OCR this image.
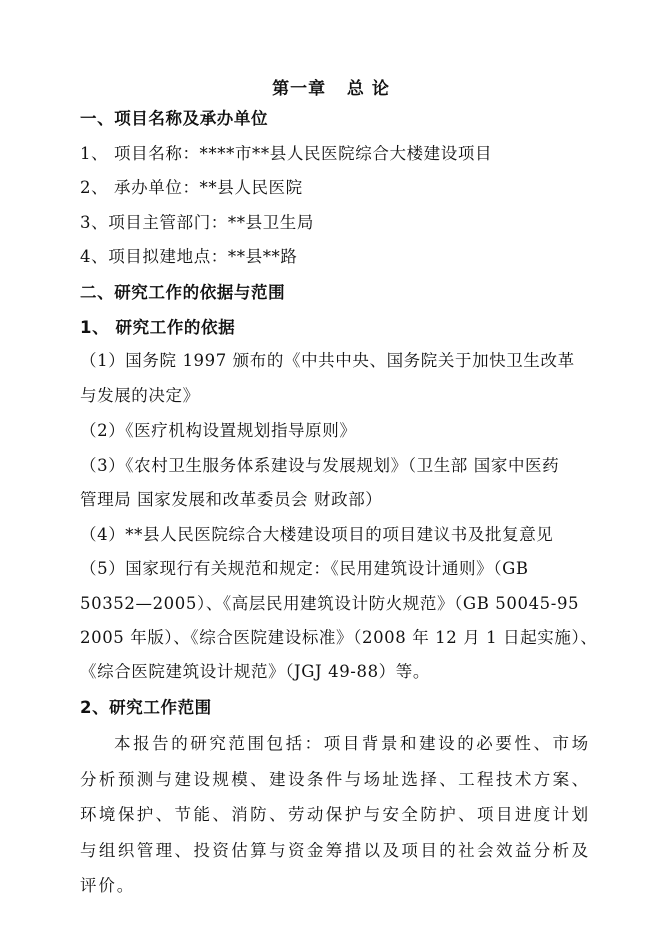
第一章   总 论
一、项目名称及承办单位
1、 项目名称：****市**县人民医院综合大楼建设项目
2、 承办单位：**县人民医院
3、项目主管部门：**县卫生局
4、项目拟建地点：**县**路
二、研究工作的依据与范围
1、 研究工作的依据
（1）国务院 1997 颁布的《中共中央、国务院关于加快卫生改革
与发展的决定》
（2）《医疗机构设置规划指导原则》
（3）《农村卫生服务体系建设与发展规划》（卫生部 国家中医药
管理局 国家发展和改革委员会 财政部）
（4）**县人民医院综合大楼建设项目的项目建议书及批复意见
（5）国家现行有关规范和规定：《民用建筑设计通则》（GB
50352—2005）、《高层民用建筑设计防火规范》（GB 50045-95
2005 年版）、《综合医院建设标准》（2008 年 12 月 1 日起实施）、
《综合医院建筑设计规范》（JGJ 49-88）等。
2、研究工作范围
本报告的研究范围包括：项目背景和建设的必要性、市场分析预测与建设规模、建设条件与场址选择、工程技术方案、环境保护、节能、消防、劳动保护与安全防护、项目进度计划与组织管理、投资估算与资金筹措以及项目的社会效益分析及评价。
